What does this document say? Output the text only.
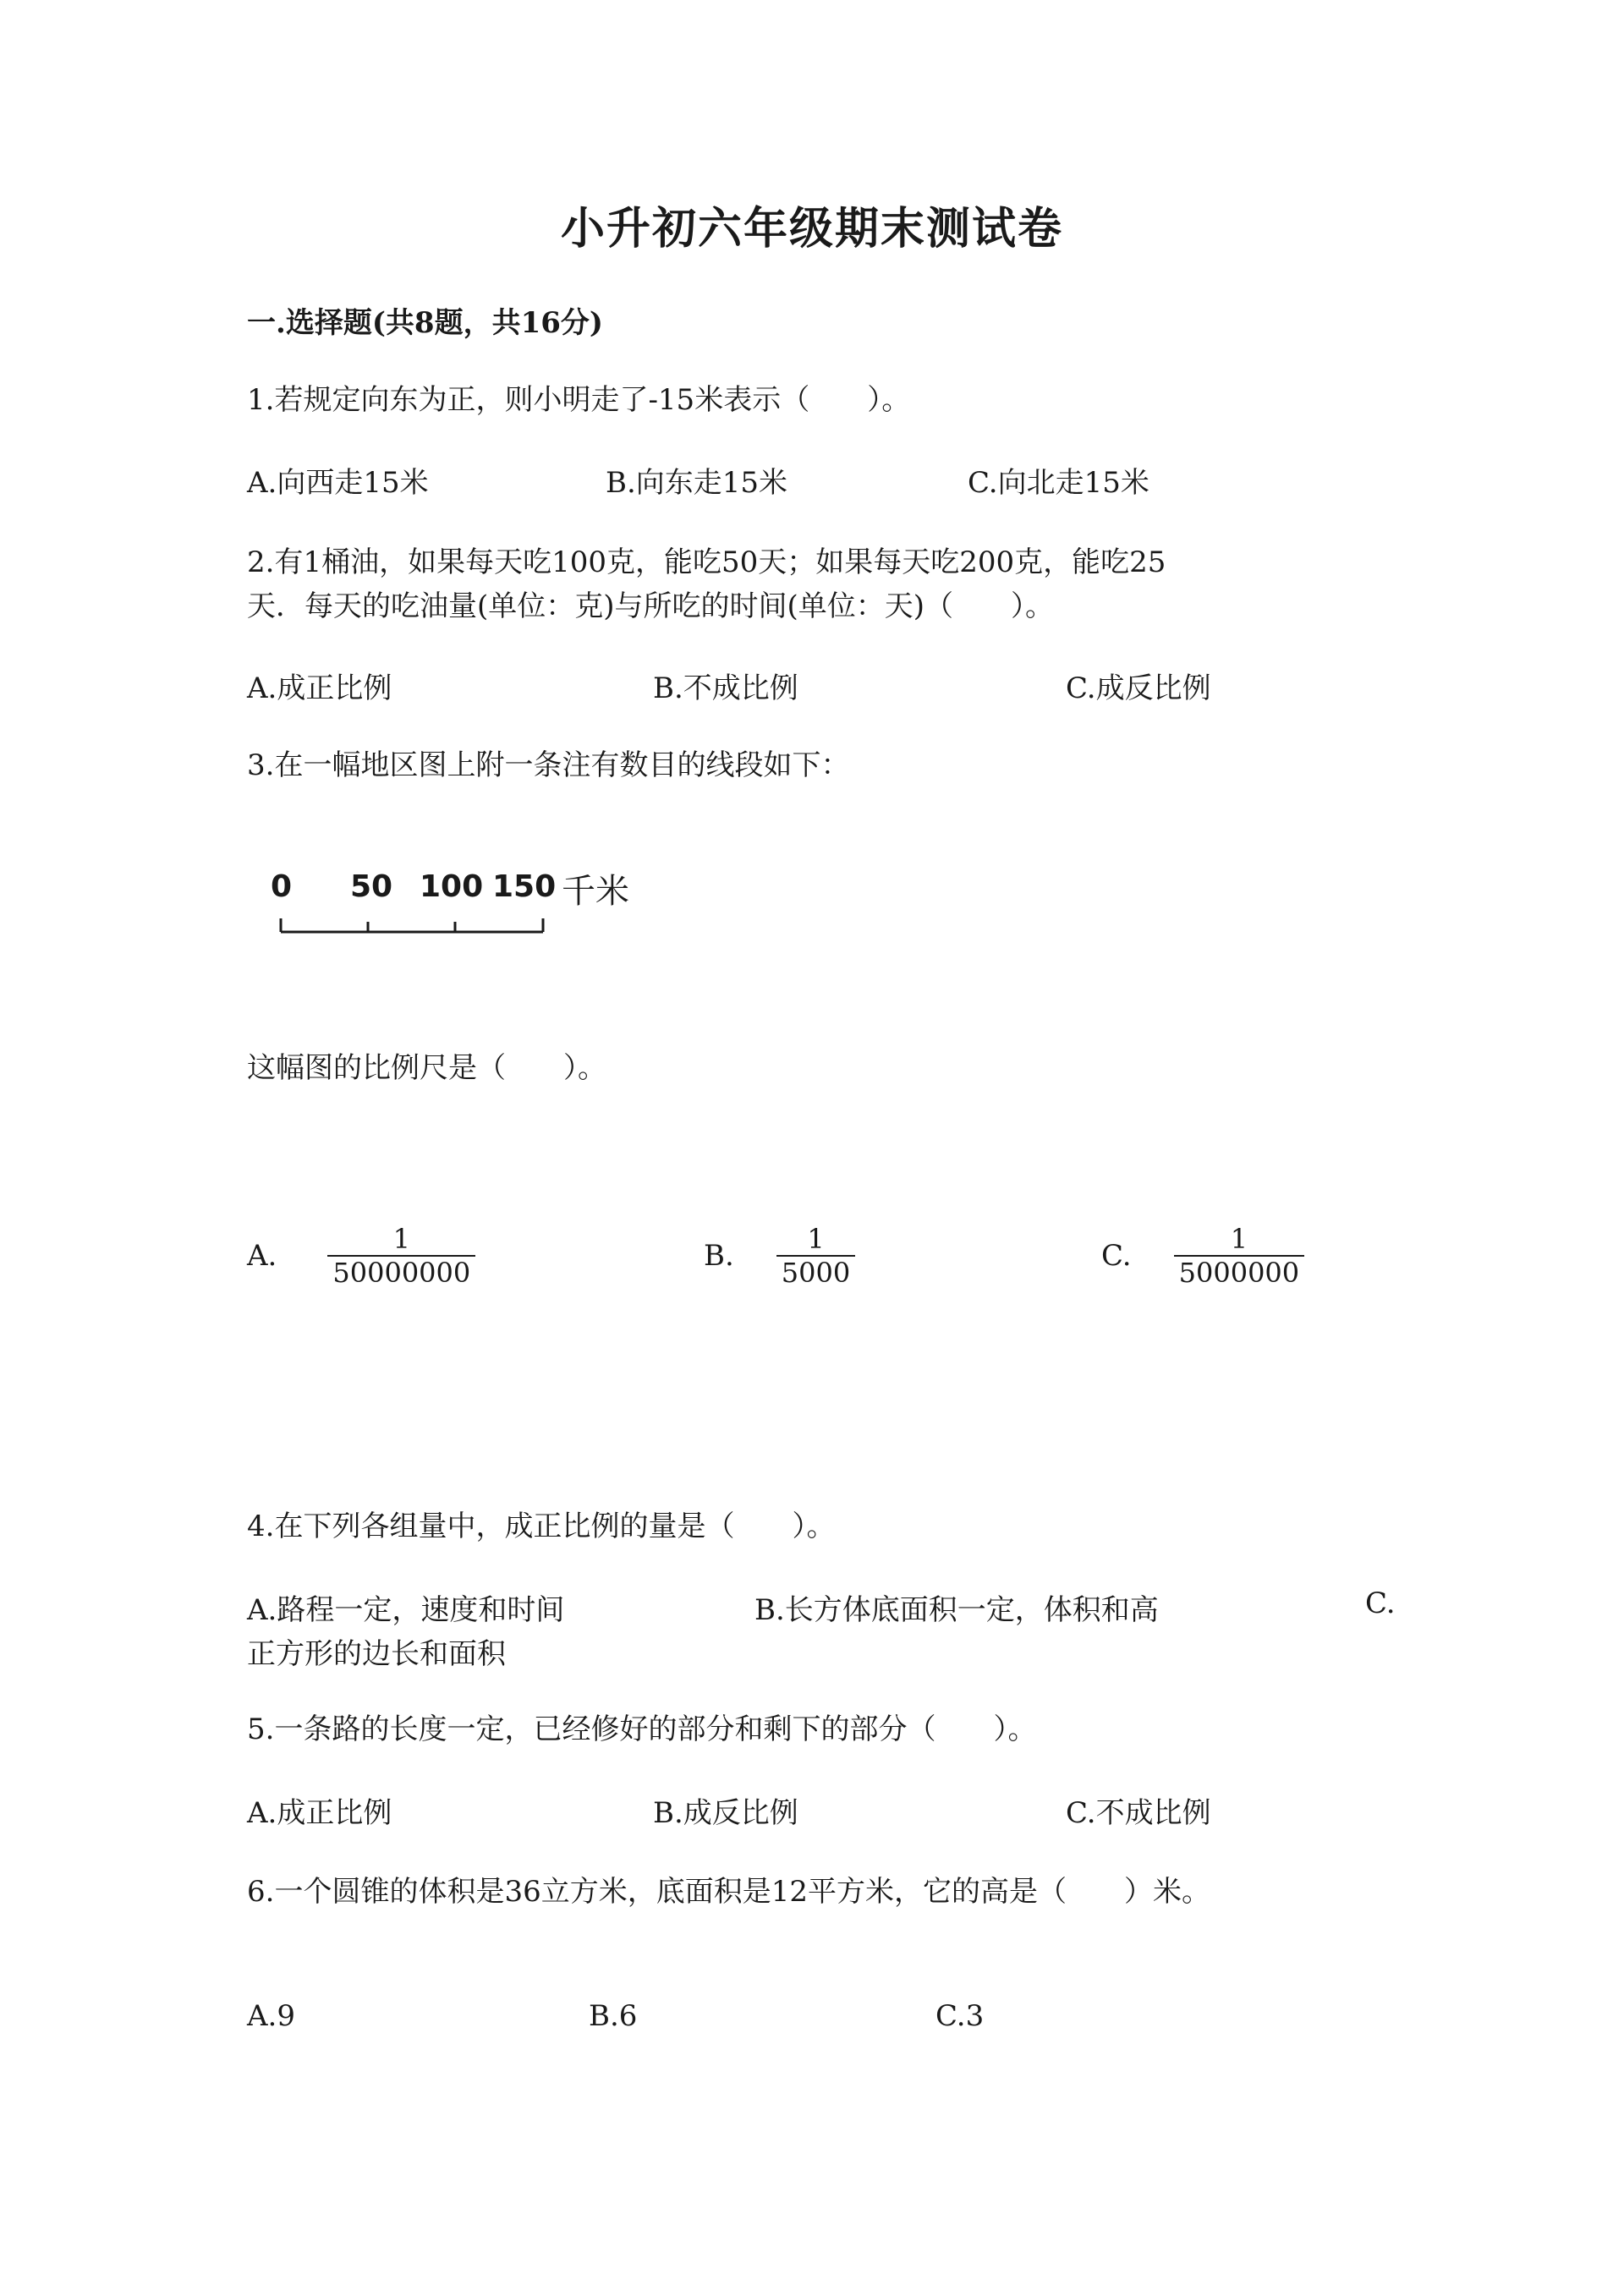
小升初六年级期末测试卷
一.选择题(共8题，共16分)
1.若规定向东为正，则小明走了-15米表示（　　）。
A.向西走15米	B.向东走15米	C.向北走15米
2.有1桶油，如果每天吃100克，能吃50天；如果每天吃200克，能吃25
天．每天的吃油量(单位：克)与所吃的时间(单位：天)（　　）。
A.成正比例	B.不成比例	C.成反比例
3.在一幅地区图上附一条注有数目的线段如下：
0 50 100 150 千米
这幅图的比例尺是（　　）。
A. $\frac{1}{50000000}$	B. $\frac{1}{5000}$	C. $\frac{1}{5000000}$
4.在下列各组量中，成正比例的量是（　　）。
A.路程一定，速度和时间	B.长方体底面积一定，体积和高	C.
正方形的边长和面积
5.一条路的长度一定，已经修好的部分和剩下的部分（　　）。
A.成正比例	B.成反比例	C.不成比例
6.一个圆锥的体积是36立方米，底面积是12平方米，它的高是（　　）米。
A.9	B.6	C.3
